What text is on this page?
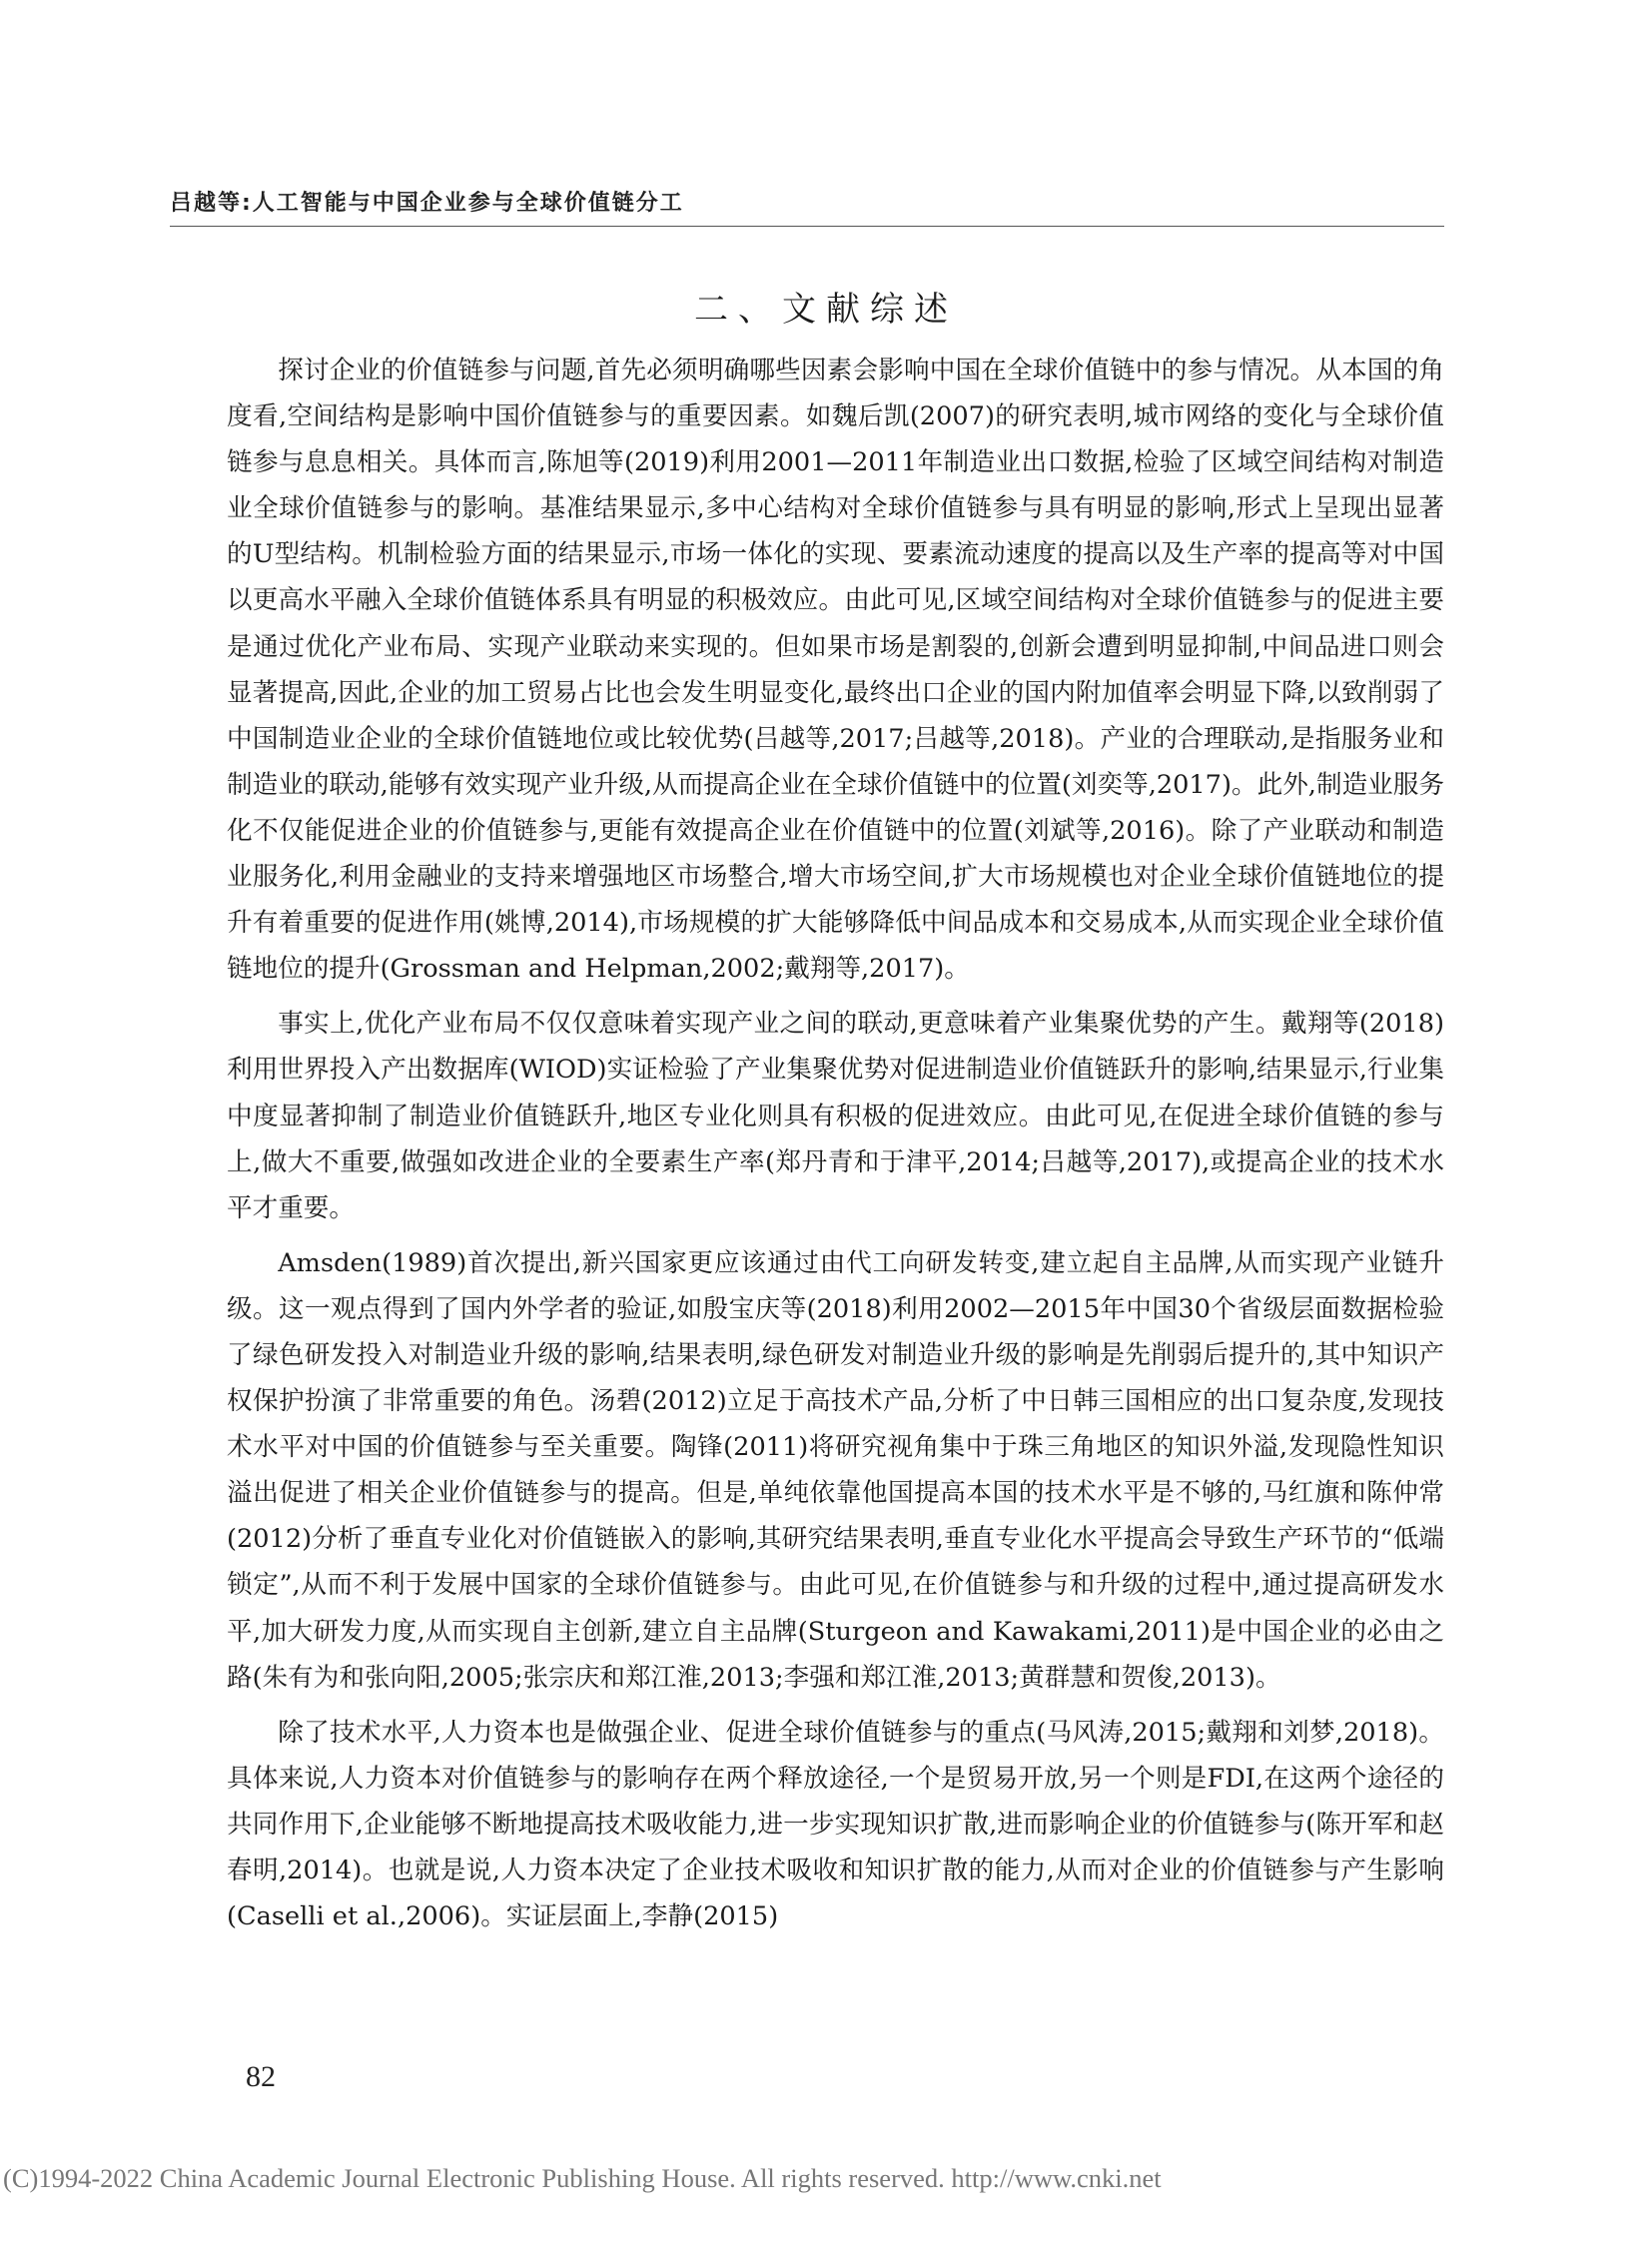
吕越等:人工智能与中国企业参与全球价值链分工
二、文献综述

探讨企业的价值链参与问题,首先必须明确哪些因素会影响中国在全球价值链中的参与情况。从本国的角度看,空间结构是影响中国价值链参与的重要因素。如魏后凯(2007)的研究表明,城市网络的变化与全球价值链参与息息相关。具体而言,陈旭等(2019)利用2001—2011年制造业出口数据,检验了区域空间结构对制造业全球价值链参与的影响。基准结果显示,多中心结构对全球价值链参与具有明显的影响,形式上呈现出显著的U型结构。机制检验方面的结果显示,市场一体化的实现、要素流动速度的提高以及生产率的提高等对中国以更高水平融入全球价值链体系具有明显的积极效应。由此可见,区域空间结构对全球价值链参与的促进主要是通过优化产业布局、实现产业联动来实现的。但如果市场是割裂的,创新会遭到明显抑制,中间品进口则会显著提高,因此,企业的加工贸易占比也会发生明显变化,最终出口企业的国内附加值率会明显下降,以致削弱了中国制造业企业的全球价值链地位或比较优势(吕越等,2017;吕越等,2018)。产业的合理联动,是指服务业和制造业的联动,能够有效实现产业升级,从而提高企业在全球价值链中的位置(刘奕等,2017)。此外,制造业服务化不仅能促进企业的价值链参与,更能有效提高企业在价值链中的位置(刘斌等,2016)。除了产业联动和制造业服务化,利用金融业的支持来增强地区市场整合,增大市场空间,扩大市场规模也对企业全球价值链地位的提升有着重要的促进作用(姚博,2014),市场规模的扩大能够降低中间品成本和交易成本,从而实现企业全球价值链地位的提升(Grossman and Helpman,2002;戴翔等,2017)。

事实上,优化产业布局不仅仅意味着实现产业之间的联动,更意味着产业集聚优势的产生。戴翔等(2018)利用世界投入产出数据库(WIOD)实证检验了产业集聚优势对促进制造业价值链跃升的影响,结果显示,行业集中度显著抑制了制造业价值链跃升,地区专业化则具有积极的促进效应。由此可见,在促进全球价值链的参与上,做大不重要,做强如改进企业的全要素生产率(郑丹青和于津平,2014;吕越等,2017),或提高企业的技术水平才重要。

Amsden(1989)首次提出,新兴国家更应该通过由代工向研发转变,建立起自主品牌,从而实现产业链升级。这一观点得到了国内外学者的验证,如殷宝庆等(2018)利用2002—2015年中国30个省级层面数据检验了绿色研发投入对制造业升级的影响,结果表明,绿色研发对制造业升级的影响是先削弱后提升的,其中知识产权保护扮演了非常重要的角色。汤碧(2012)立足于高技术产品,分析了中日韩三国相应的出口复杂度,发现技术水平对中国的价值链参与至关重要。陶锋(2011)将研究视角集中于珠三角地区的知识外溢,发现隐性知识溢出促进了相关企业价值链参与的提高。但是,单纯依靠他国提高本国的技术水平是不够的,马红旗和陈仲常(2012)分析了垂直专业化对价值链嵌入的影响,其研究结果表明,垂直专业化水平提高会导致生产环节的“低端锁定”,从而不利于发展中国家的全球价值链参与。由此可见,在价值链参与和升级的过程中,通过提高研发水平,加大研发力度,从而实现自主创新,建立自主品牌(Sturgeon and Kawakami,2011)是中国企业的必由之路(朱有为和张向阳,2005;张宗庆和郑江淮,2013;李强和郑江淮,2013;黄群慧和贺俊,2013)。

除了技术水平,人力资本也是做强企业、促进全球价值链参与的重点(马风涛,2015;戴翔和刘梦,2018)。具体来说,人力资本对价值链参与的影响存在两个释放途径,一个是贸易开放,另一个则是FDI,在这两个途径的共同作用下,企业能够不断地提高技术吸收能力,进一步实现知识扩散,进而影响企业的价值链参与(陈开军和赵春明,2014)。也就是说,人力资本决定了企业技术吸收和知识扩散的能力,从而对企业的价值链参与产生影响(Caselli et al.,2006)。实证层面上,李静(2015)

82
(C)1994-2022 China Academic Journal Electronic Publishing House. All rights reserved. http://www.cnki.net
